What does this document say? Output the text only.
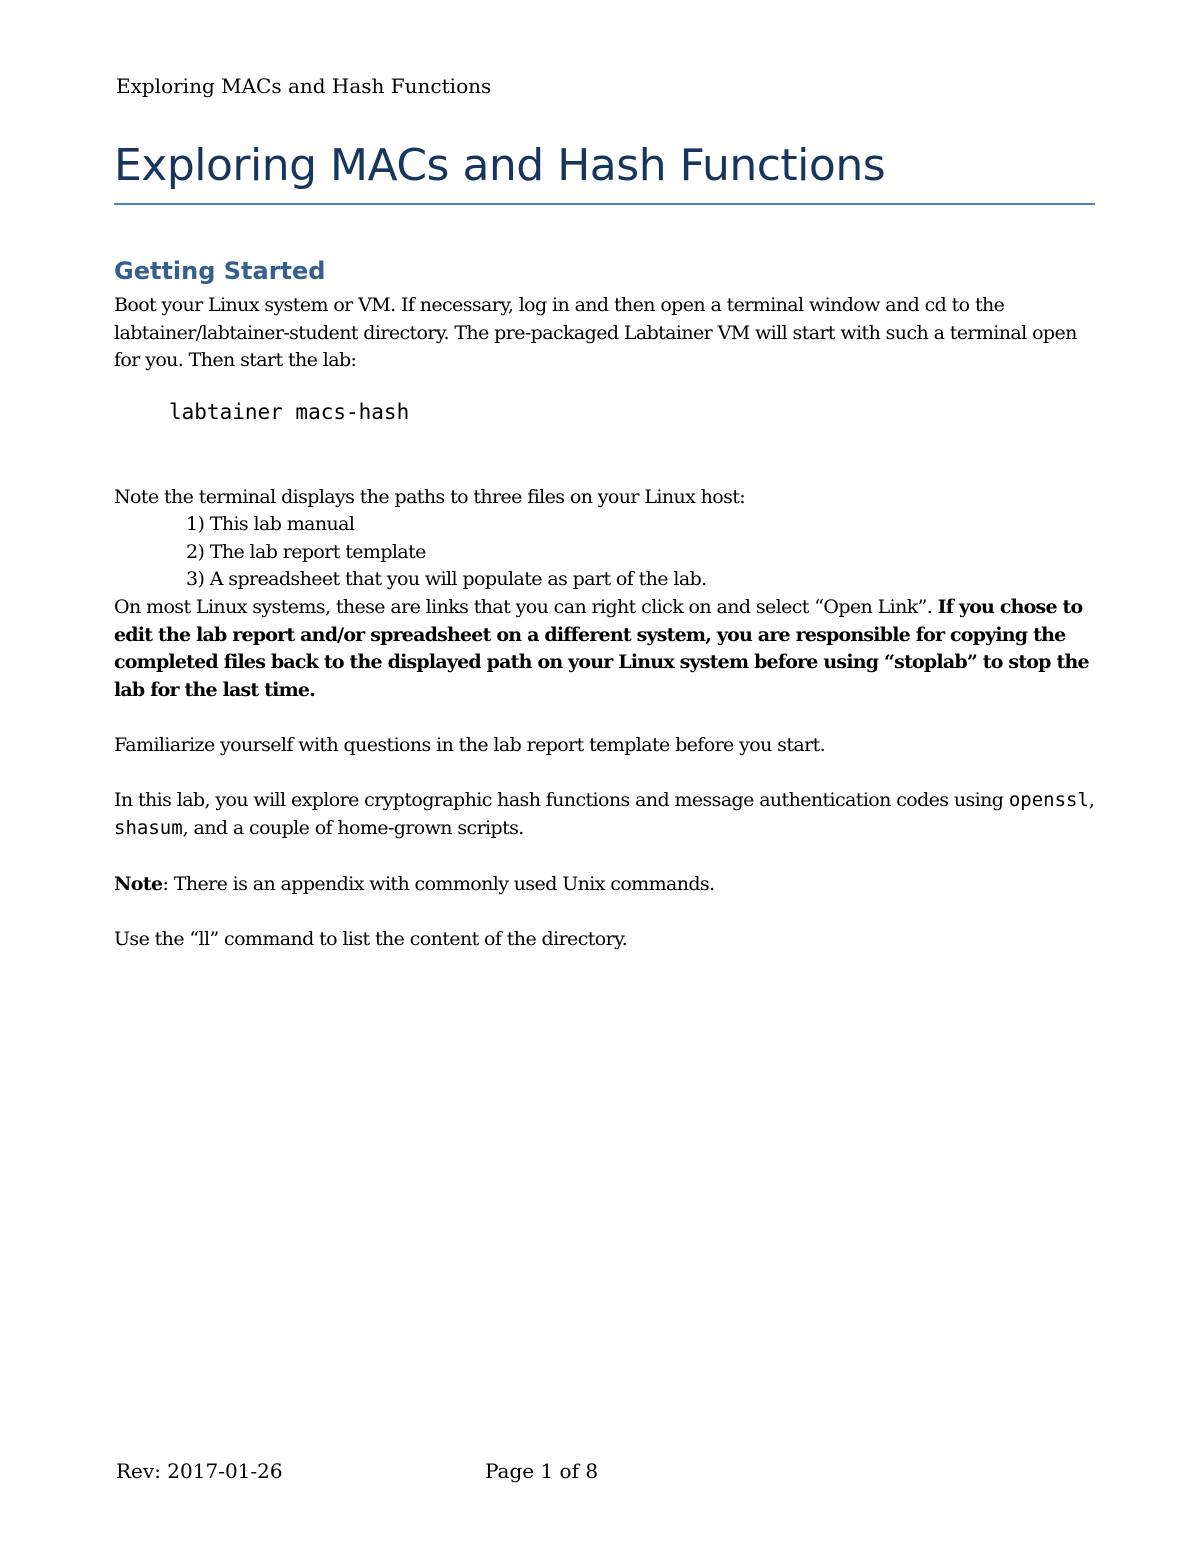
Exploring MACs and Hash Functions
Exploring MACs and Hash Functions
Getting Started

Boot your Linux system or VM. If necessary, log in and then open a terminal window and cd to the labtainer/labtainer-student directory. The pre-packaged Labtainer VM will start with such a terminal open for you. Then start the lab:

labtainer macs-hash

Note the terminal displays the paths to three files on your Linux host:

1) This lab manual
2) The lab report template
3) A spreadsheet that you will populate as part of the lab.

On most Linux systems, these are links that you can right click on and select “Open Link”. If you chose to edit the lab report and/or spreadsheet on a different system, you are responsible for copying the completed files back to the displayed path on your Linux system before using “stoplab” to stop the lab for the last time.

Familiarize yourself with questions in the lab report template before you start.

In this lab, you will explore cryptographic hash functions and message authentication codes using openssl, shasum, and a couple of home-grown scripts.

Note: There is an appendix with commonly used Unix commands.

Use the “ll” command to list the content of the directory.

Rev: 2017-01-26	Page 1 of 8
